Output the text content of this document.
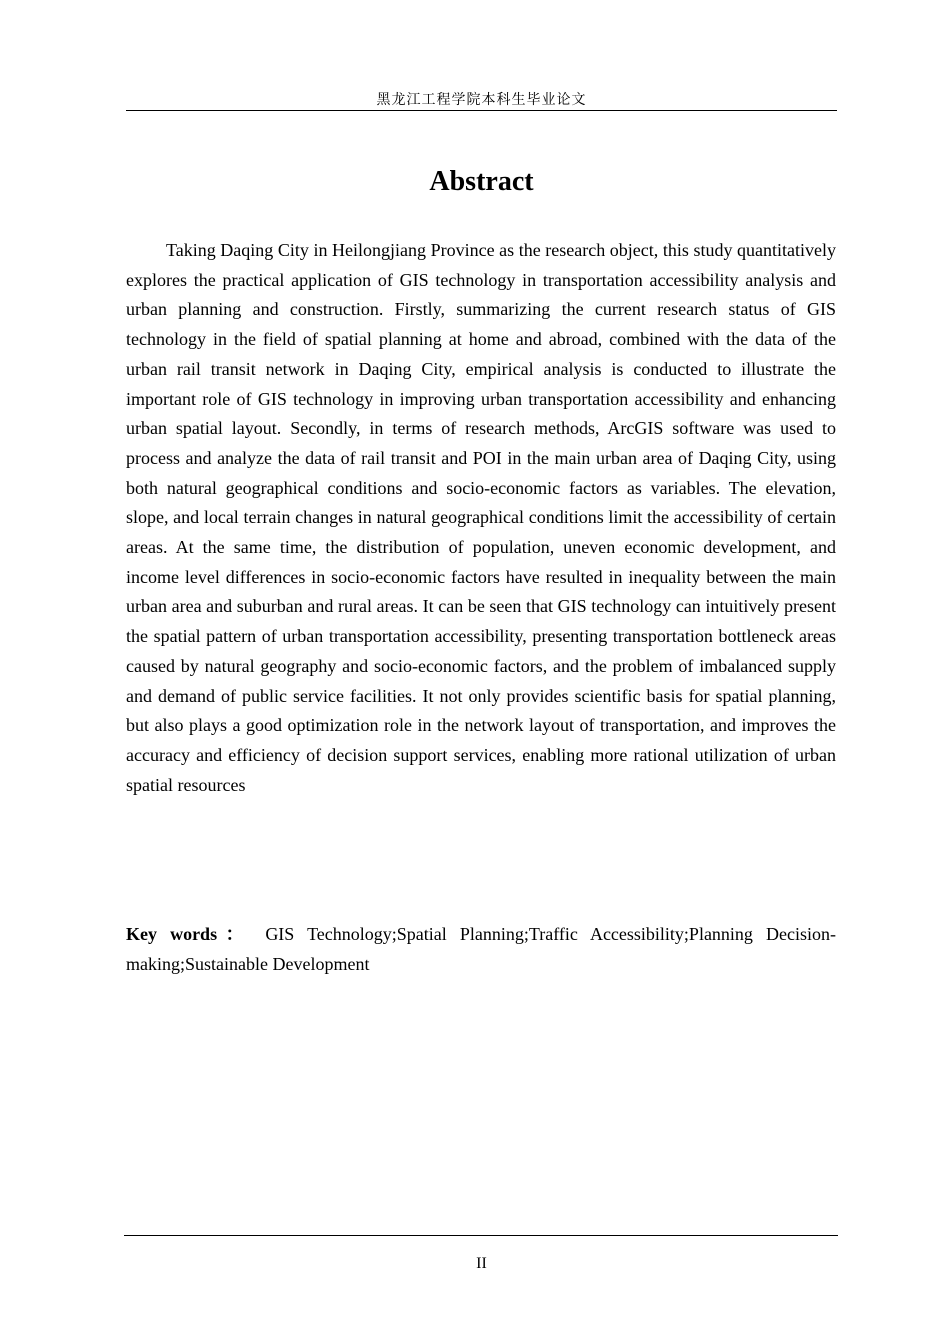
黑龙江工程学院本科生毕业论文
Abstract

Taking Daqing City in Heilongjiang Province as the research object, this study quantitatively explores the practical application of GIS technology in transportation accessibility analysis and urban planning and construction. Firstly, summarizing the current research status of GIS technology in the field of spatial planning at home and abroad, combined with the data of the urban rail transit network in Daqing City, empirical analysis is conducted to illustrate the important role of GIS technology in improving urban transportation accessibility and enhancing urban spatial layout. Secondly, in terms of research methods, ArcGIS software was used to process and analyze the data of rail transit and POI in the main urban area of Daqing City, using both natural geographical conditions and socio-economic factors as variables. The elevation, slope, and local terrain changes in natural geographical conditions limit the accessibility of certain areas. At the same time, the distribution of population, uneven economic development, and income level differences in socio-economic factors have resulted in inequality between the main urban area and suburban and rural areas. It can be seen that GIS technology can intuitively present the spatial pattern of urban transportation accessibility, presenting transportation bottleneck areas caused by natural geography and socio-economic factors, and the problem of imbalanced supply and demand of public service facilities. It not only provides scientific basis for spatial planning, but also plays a good optimization role in the network layout of transportation, and improves the accuracy and efficiency of decision support services, enabling more rational utilization of urban spatial resources

Key words： GIS Technology;Spatial Planning;Traffic Accessibility;Planning Decision-making;Sustainable Development

II
